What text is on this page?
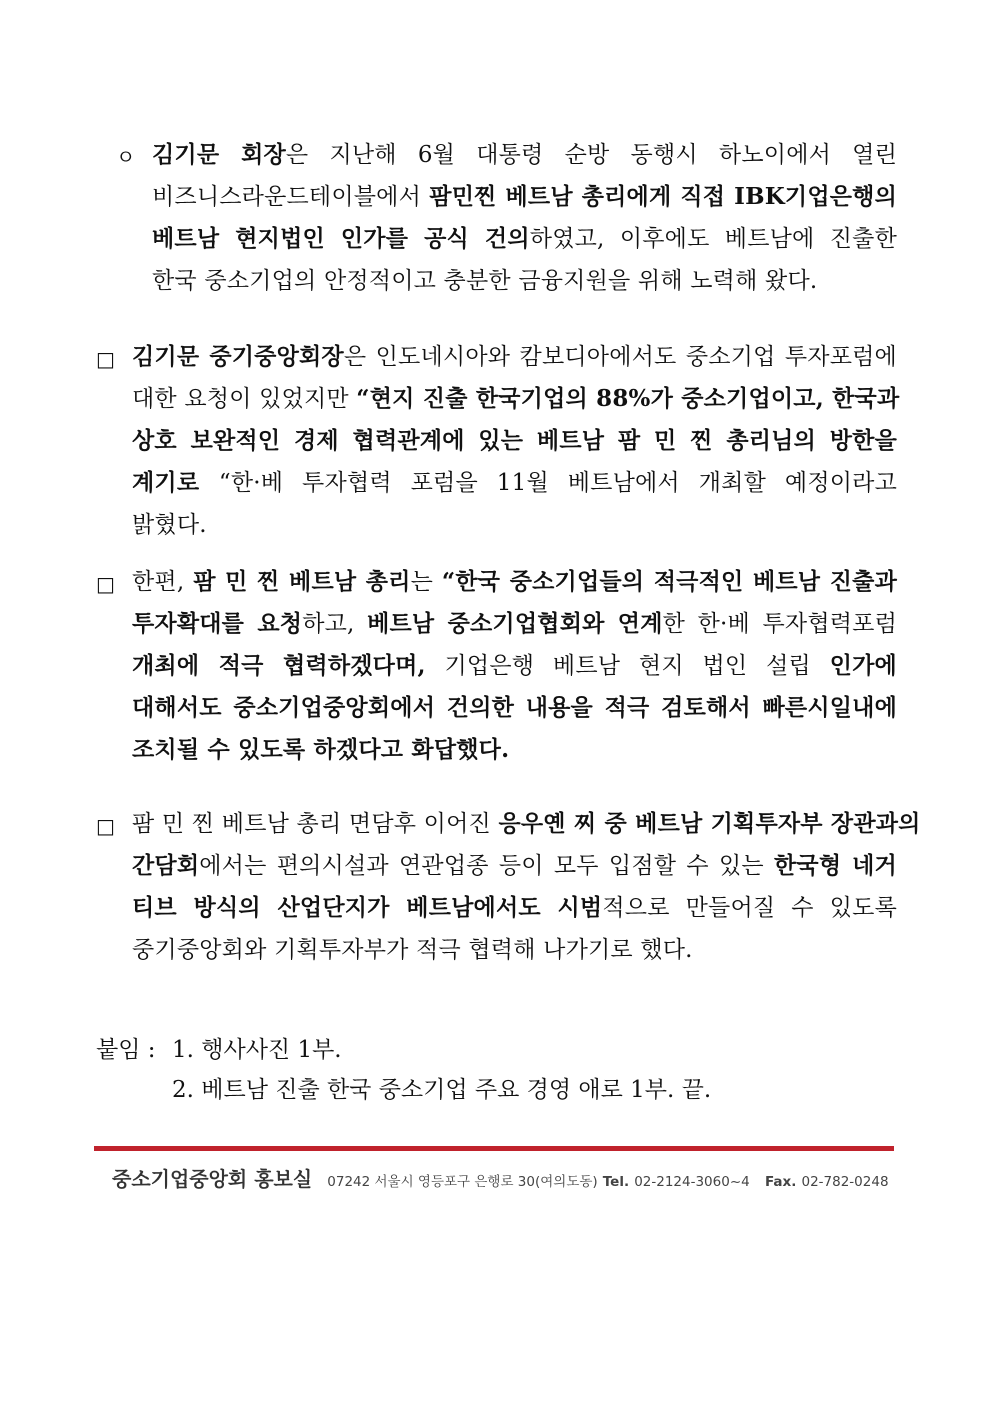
ㅇ 김기문 회장은 지난해 6월 대통령 순방 동행시 하노이에서 열린
비즈니스라운드테이블에서 팜민찐 베트남 총리에게 직접 IBK기업은행의
베트남 현지법인 인가를 공식 건의하였고, 이후에도 베트남에 진출한
한국 중소기업의 안정적이고 충분한 금융지원을 위해 노력해 왔다.
□ 김기문 중기중앙회장은 인도네시아와 캄보디아에서도 중소기업 투자포럼에
대한 요청이 있었지만 “현지 진출 한국기업의 88%가 중소기업이고, 한국과
상호 보완적인 경제 협력관계에 있는 베트남 팜 민 찐 총리님의 방한을
계기로 “한·베 투자협력 포럼을 11월 베트남에서 개최할 예정이라고
밝혔다.
□ 한편, 팜 민 찐 베트남 총리는 “한국 중소기업들의 적극적인 베트남 진출과
투자확대를 요청하고, 베트남 중소기업협회와 연계한 한·베 투자협력포럼
개최에 적극 협력하겠다며, 기업은행 베트남 현지 법인 설립 인가에
대해서도 중소기업중앙회에서 건의한 내용을 적극 검토해서 빠른시일내에
조치될 수 있도록 하겠다고 화답했다.
□ 팜 민 찐 베트남 총리 면담후 이어진 응우옌 찌 중 베트남 기획투자부 장관과의
간담회에서는 편의시설과 연관업종 등이 모두 입점할 수 있는 한국형 네거
티브 방식의 산업단지가 베트남에서도 시범적으로 만들어질 수 있도록
중기중앙회와 기획투자부가 적극 협력해 나가기로 했다.
붙임 : 1. 행사사진 1부.
2. 베트남 진출 한국 중소기업 주요 경영 애로 1부. 끝.
중소기업중앙회 홍보실 07242 서울시 영등포구 은행로 30(여의도동) Tel. 02-2124-3060~4 Fax. 02-782-0248
